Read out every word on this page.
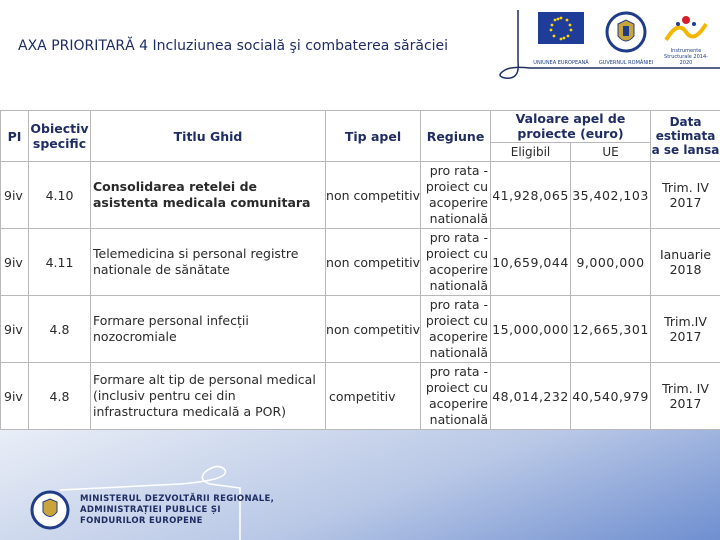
AXA PRIORITARĂ 4 Incluziunea socială şi combaterea sărăciei
UNIUNEA EUROPEANĂ	GUVERNUL ROMÂNIEI
Instrumente Structurale 2014-2020
PI	Obiectiv specific	Titlu Ghid	Tip apel	Regiune	Valoare apel de proiecte (euro)		Data estimata a se lansa
					Eligibil	UE	
9iv	4.10	Consolidarea retelei de asistenta medicala comunitara	non competitiv	pro rata - proiect cu acoperire natională	41,928,065	35,402,103	Trim. IV 2017
9iv	4.11	Telemedicina si personal registre nationale de sănătate	non competitiv	pro rata - proiect cu acoperire natională	10,659,044	9,000,000	Ianuarie 2018
9iv	4.8	Formare personal infecții nozocromiale	non competitiv	pro rata - proiect cu acoperire natională	15,000,000	12,665,301	Trim.IV 2017
9iv	4.8	Formare alt tip de personal medical (inclusiv pentru cei din infrastructura medicală a POR)	competitiv	pro rata - proiect cu acoperire natională	48,014,232	40,540,979	Trim. IV 2017
MINISTERUL DEZVOLTĂRII REGIONALE,
ADMINISTRAȚIEI PUBLICE ȘI
FONDURILOR EUROPENE
